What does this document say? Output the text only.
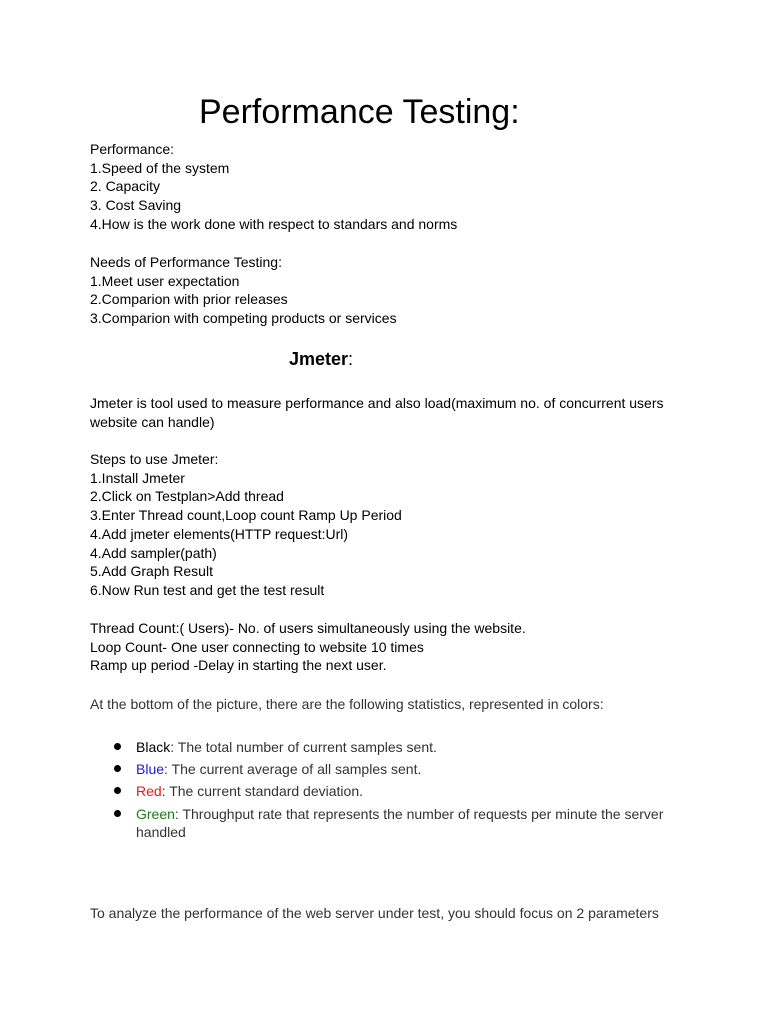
Performance Testing:

Performance:

1.Speed of the system

2. Capacity

3. Cost Saving

4.How is the work done with respect to standars and norms

Needs of Performance Testing:

1.Meet user expectation

2.Comparion with prior releases

3.Comparion with competing products or services

Jmeter:

Jmeter is tool used to measure performance and also load(maximum no. of concurrent users

website can handle)

Steps to use Jmeter:

1.Install Jmeter

2.Click on Testplan>Add thread

3.Enter Thread count,Loop count Ramp Up Period

4.Add jmeter elements(HTTP request:Url)

4.Add sampler(path)

5.Add Graph Result

6.Now Run test and get the test result

Thread Count:( Users)- No. of users simultaneously using the website.

Loop Count- One user connecting to website 10 times

Ramp up period -Delay in starting the next user.

At the bottom of the picture, there are the following statistics, represented in colors:

Black: The total number of current samples sent.
Blue: The current average of all samples sent.
Red: The current standard deviation.
Green: Throughput rate that represents the number of requests per minute the server handled

To analyze the performance of the web server under test, you should focus on 2 parameters
